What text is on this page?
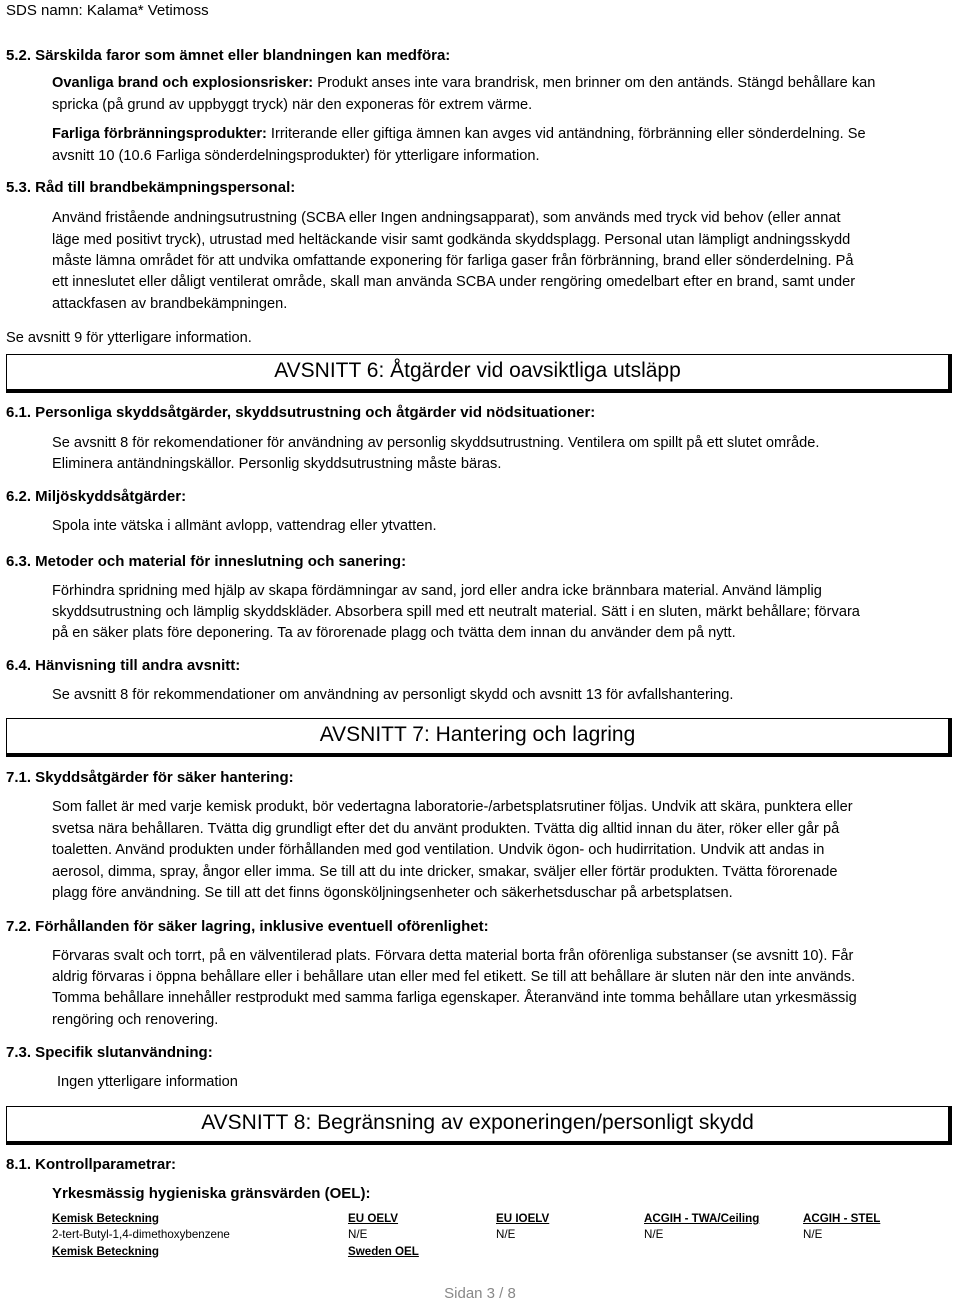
SDS namn: Kalama* Vetimoss
5.2. Särskilda faror som ämnet eller blandningen kan medföra:
Ovanliga brand och explosionsrisker: Produkt anses inte vara brandrisk, men brinner om den antänds. Stängd behållare kan
spricka (på grund av uppbyggt tryck) när den exponeras för extrem värme.
Farliga förbränningsprodukter: Irriterande eller giftiga ämnen kan avges vid antändning, förbränning eller sönderdelning. Se
avsnitt 10 (10.6 Farliga sönderdelningsprodukter) för ytterligare information.
5.3. Råd till brandbekämpningspersonal:
Använd fristående andningsutrustning (SCBA eller Ingen andningsapparat), som används med tryck vid behov (eller annat
läge med positivt tryck), utrustad med heltäckande visir samt godkända skyddsplagg. Personal utan lämpligt andningsskydd
måste lämna området för att undvika omfattande exponering för farliga gaser från förbränning, brand eller sönderdelning. På
ett inneslutet eller dåligt ventilerat område, skall man använda SCBA under rengöring omedelbart efter en brand, samt under
attackfasen av brandbekämpningen.
Se avsnitt 9 för ytterligare information.
AVSNITT 6: Åtgärder vid oavsiktliga utsläpp
6.1. Personliga skyddsåtgärder, skyddsutrustning och åtgärder vid nödsituationer:
Se avsnitt 8 för rekomendationer för användning av personlig skyddsutrustning. Ventilera om spillt på ett slutet område.
Eliminera antändningskällor. Personlig skyddsutrustning måste bäras.
6.2. Miljöskyddsåtgärder:
Spola inte vätska i allmänt avlopp, vattendrag eller ytvatten.
6.3. Metoder och material för inneslutning och sanering:
Förhindra spridning med hjälp av skapa fördämningar av sand, jord eller andra icke brännbara material. Använd lämplig
skyddsutrustning och lämplig skyddskläder. Absorbera spill med ett neutralt material. Sätt i en sluten, märkt behållare; förvara
på en säker plats före deponering. Ta av förorenade plagg och tvätta dem innan du använder dem på nytt.
6.4. Hänvisning till andra avsnitt:
Se avsnitt 8 för rekommendationer om användning av personligt skydd och avsnitt 13 för avfallshantering.
AVSNITT 7: Hantering och lagring
7.1. Skyddsåtgärder för säker hantering:
Som fallet är med varje kemisk produkt, bör vedertagna laboratorie-/arbetsplatsrutiner följas. Undvik att skära, punktera eller
svetsa nära behållaren. Tvätta dig grundligt efter det du använt produkten. Tvätta dig alltid innan du äter, röker eller går på
toaletten. Använd produkten under förhållanden med god ventilation. Undvik ögon- och hudirritation. Undvik att andas in
aerosol, dimma, spray, ångor eller imma. Se till att du inte dricker, smakar, sväljer eller förtär produkten. Tvätta förorenade
plagg före användning. Se till att det finns ögonsköljningsenheter och säkerhetsduschar på arbetsplatsen.
7.2. Förhållanden för säker lagring, inklusive eventuell oförenlighet:
Förvaras svalt och torrt, på en välventilerad plats. Förvara detta material borta från oförenliga substanser (se avsnitt 10). Får
aldrig förvaras i öppna behållare eller i behållare utan eller med fel etikett. Se till att behållare är sluten när den inte används.
Tomma behållare innehåller restprodukt med samma farliga egenskaper. Återanvänd inte tomma behållare utan yrkesmässig
rengöring och renovering.
7.3. Specifik slutanvändning:
Ingen ytterligare information
AVSNITT 8: Begränsning av exponeringen/personligt skydd
8.1. Kontrollparametrar:
Yrkesmässig hygieniska gränsvärden (OEL):
Kemisk Beteckning	EU OELV	EU IOELV	ACGIH - TWA/Ceiling	ACGIH - STEL
2-tert-Butyl-1,4-dimethoxybenzene	N/E	N/E	N/E	N/E
Kemisk Beteckning	Sweden OEL
Sidan 3 / 8
